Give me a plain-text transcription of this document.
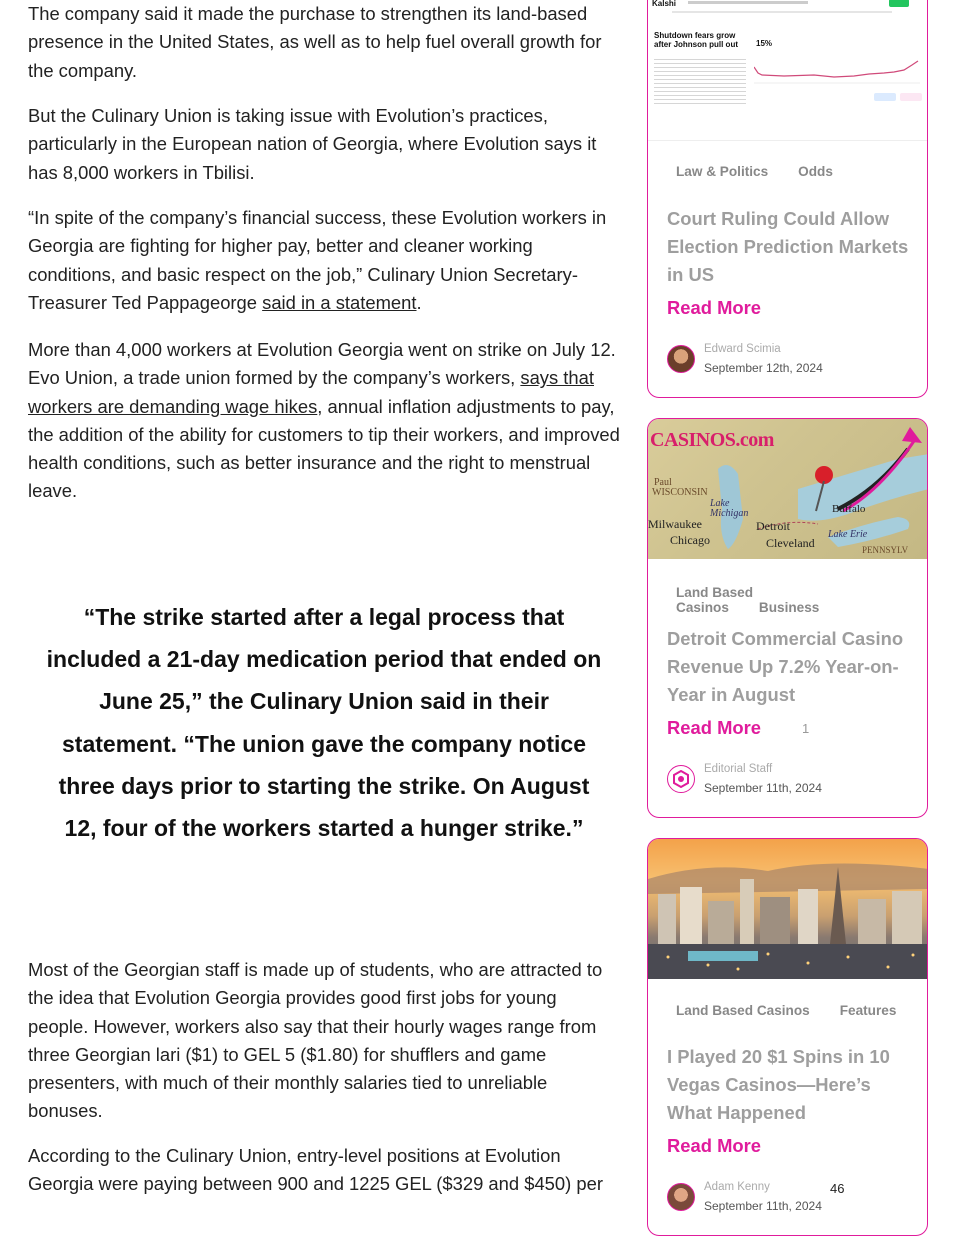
The company said it made the purchase to strengthen its land-based presence in the United States, as well as to help fuel overall growth for the company.

But the Culinary Union is taking issue with Evolution’s practices, particularly in the European nation of Georgia, where Evolution says it has 8,000 workers in Tbilisi.

“In spite of the company’s financial success, these Evolution workers in Georgia are fighting for higher pay, better and cleaner working conditions, and basic respect on the job,” Culinary Union Secretary-Treasurer Ted Pappageorge said in a statement.

More than 4,000 workers at Evolution Georgia went on strike on July 12. Evo Union, a trade union formed by the company’s workers, says that workers are demanding wage hikes, annual inflation adjustments to pay, the addition of the ability for customers to tip their workers, and improved health conditions, such as better insurance and the right to menstrual leave.

“The strike started after a legal process that included a 21-day medication period that ended on June 25,” the Culinary Union said in their statement. “The union gave the company notice three days prior to starting the strike. On August 12, four of the workers started a hunger strike.”

Most of the Georgian staff is made up of students, who are attracted to the idea that Evolution Georgia provides good first jobs for young people. However, workers also say that their hourly wages range from three Georgian lari ($1) to GEL 5 ($1.80) for shufflers and game presenters, with much of their monthly salaries tied to unreliable bonuses.

According to the Culinary Union, entry-level positions at Evolution Georgia were paying between 900 and 1225 GEL ($329 and $450) per

Kalshi
Shutdown fears grow after Johnson pull out	15%
Law & Politics Odds
Court Ruling Could Allow Election Prediction Markets in US
Read More
Edward Scimia
September 12th, 2024
CASINOS.com
Paul
WISCONSIN
Lake Michigan
Milwaukee
Chicago
Detroit
Cleveland
Buffalo
Lake Erie
PENNSYLV
Land Based Casinos Business
Detroit Commercial Casino Revenue Up 7.2% Year-on-Year in August
Read More	1
Editorial Staff
September 11th, 2024
Land Based Casinos Features
I Played 20 $1 Spins in 10 Vegas Casinos—Here’s What Happened
Read More
Adam Kenny
September 11th, 2024
46
